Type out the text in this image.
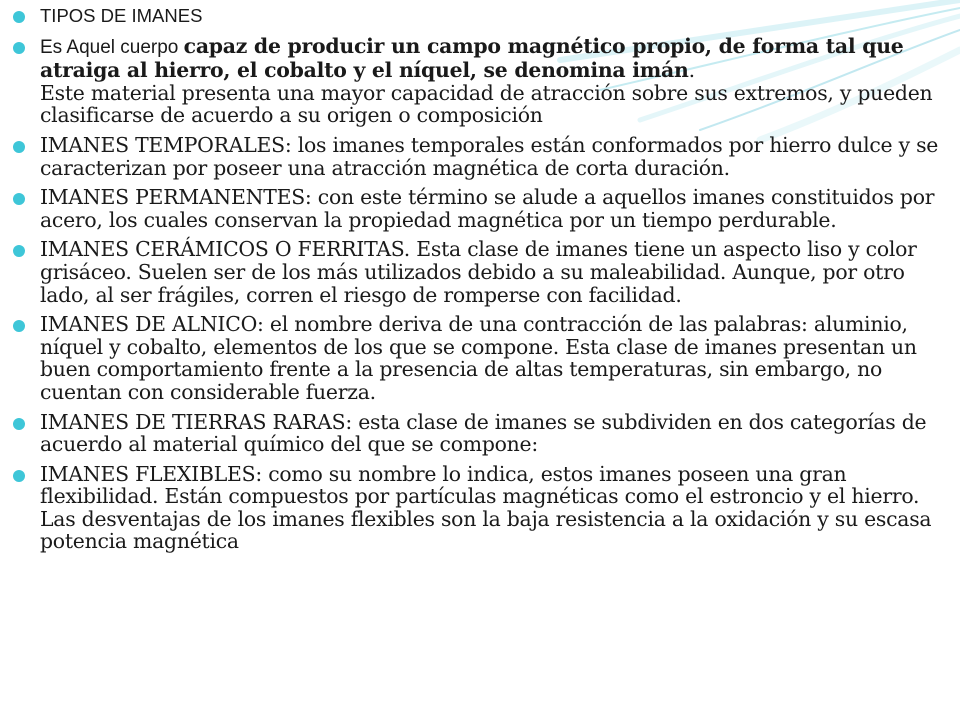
TIPOS DE IMANES
Es Aquel cuerpo capaz de producir un campo magnético propio, de forma tal que atraiga al hierro, el cobalto y el níquel, se denomina imán.
Este material presenta una mayor capacidad de atracción sobre sus extremos, y pueden clasificarse de acuerdo a su origen o composición
IMANES TEMPORALES: los imanes temporales están conformados por hierro dulce y se caracterizan por poseer una atracción magnética de corta duración.
IMANES PERMANENTES: con este término se alude a aquellos imanes constituidos por acero, los cuales conservan la propiedad magnética por un tiempo perdurable.
IMANES CERÁMICOS O FERRITAS. Esta clase de imanes tiene un aspecto liso y color grisáceo. Suelen ser de los más utilizados debido a su maleabilidad. Aunque, por otro lado, al ser frágiles, corren el riesgo de romperse con facilidad.
IMANES DE ALNICO: el nombre deriva de una contracción de las palabras: aluminio, níquel y cobalto, elementos de los que se compone. Esta clase de imanes presentan un buen comportamiento frente a la presencia de altas temperaturas, sin embargo, no cuentan con considerable fuerza.
IMANES DE TIERRAS RARAS: esta clase de imanes se subdividen en dos categorías de acuerdo al material químico del que se compone:
IMANES FLEXIBLES: como su nombre lo indica, estos imanes poseen una gran flexibilidad. Están compuestos por partículas magnéticas como el estroncio y el hierro. Las desventajas de los imanes flexibles son la baja resistencia a la oxidación y su escasa potencia magnética
